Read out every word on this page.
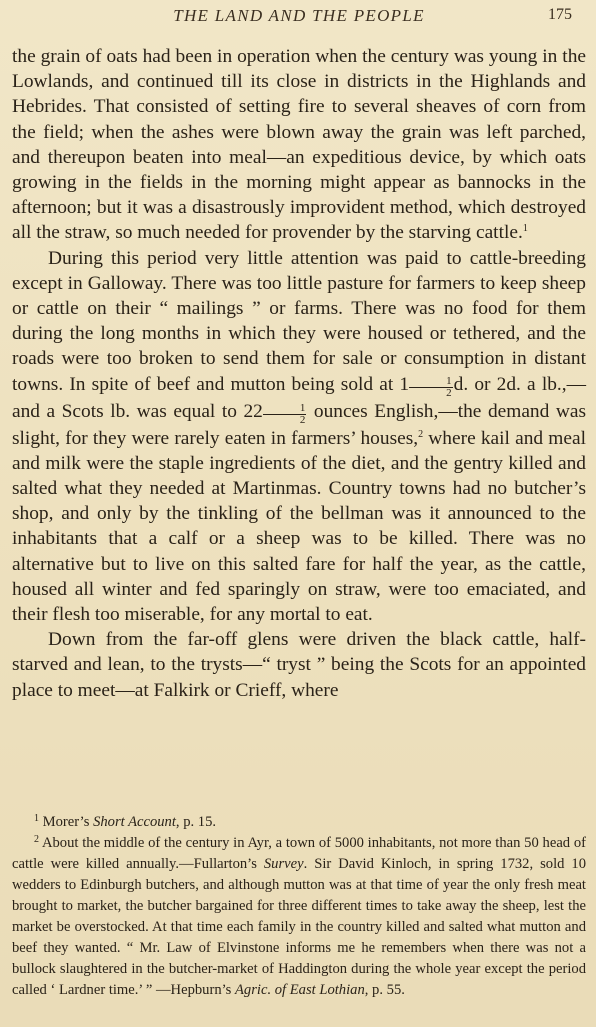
THE LAND AND THE PEOPLE	175

the grain of oats had been in operation when the century was young in the Lowlands, and continued till its close in districts in the Highlands and Hebrides. That consisted of setting fire to several sheaves of corn from the field; when the ashes were blown away the grain was left parched, and thereupon beaten into meal—an expeditious device, by which oats growing in the fields in the morning might appear as bannocks in the afternoon; but it was a disastrously improvident method, which destroyed all the straw, so much needed for provender by the starving cattle.$^1$

During this period very little attention was paid to cattle-breeding except in Galloway. There was too little pasture for farmers to keep sheep or cattle on their “ mailings ” or farms. There was no food for them during the long months in which they were housed or tethered, and the roads were too broken to send them for sale or consumption in distant towns. In spite of beef and mutton being sold at $1 \frac{1}{2} d$. or 2d. a lb.,—and a Scots lb. was equal to $22 \frac{1}{2}$ ounces English,—the demand was slight, for they were rarely eaten in farmers’ houses,$^2$ where kail and meal and milk were the staple ingredients of the diet, and the gentry killed and salted what they needed at Martinmas. Country towns had no butcher’s shop, and only by the tinkling of the bellman was it announced to the inhabitants that a calf or a sheep was to be killed. There was no alternative but to live on this salted fare for half the year, as the cattle, housed all winter and fed sparingly on straw, were too emaciated, and their flesh too miserable, for any mortal to eat.

Down from the far-off glens were driven the black cattle, half-starved and lean, to the trysts—“ tryst ” being the Scots for an appointed place to meet—at Falkirk or Crieff, where

$^1$ Morer’s Short Account, p. 15.

$^2$ About the middle of the century in Ayr, a town of 5000 inhabitants, not more than 50 head of cattle were killed annually.—Fullarton’s Survey. Sir David Kinloch, in spring 1732, sold 10 wedders to Edinburgh butchers, and although mutton was at that time of year the only fresh meat brought to market, the butcher bargained for three different times to take away the sheep, lest the market be overstocked. At that time each family in the country killed and salted what mutton and beef they wanted. “ Mr. Law of Elvinstone informs me he remembers when there was not a bullock slaughtered in the butcher-market of Haddington during the whole year except the period called ‘ Lardner time.’ ” —Hepburn’s Agric. of East Lothian, p. 55.
